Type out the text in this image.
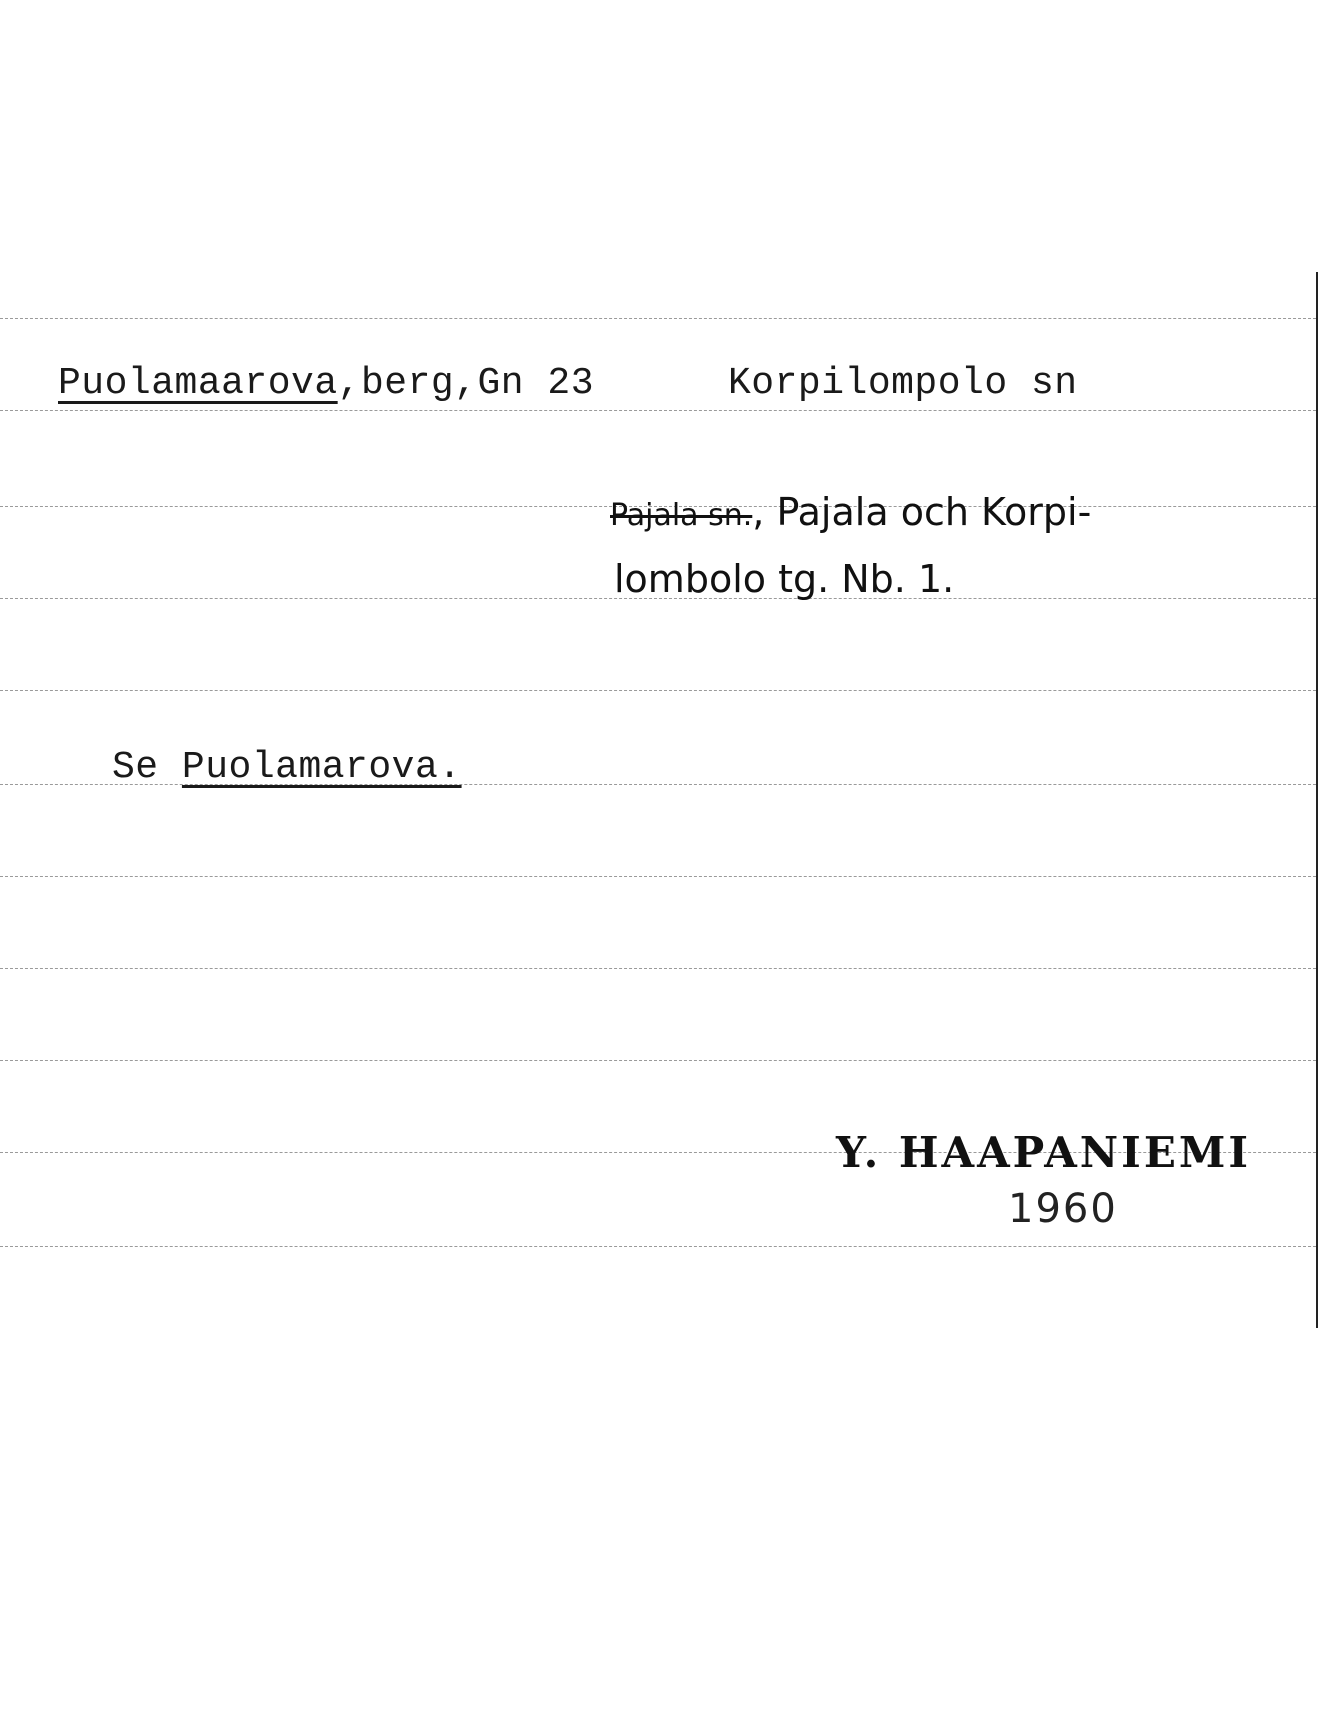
Puolamaarova,berg,Gn 23	Korpilompolo sn
Pajala sn., Pajala och Korpi-
lombolo tg. Nb. 1.
Se Puolamarova.
Y. HAAPANIEMI
1960
